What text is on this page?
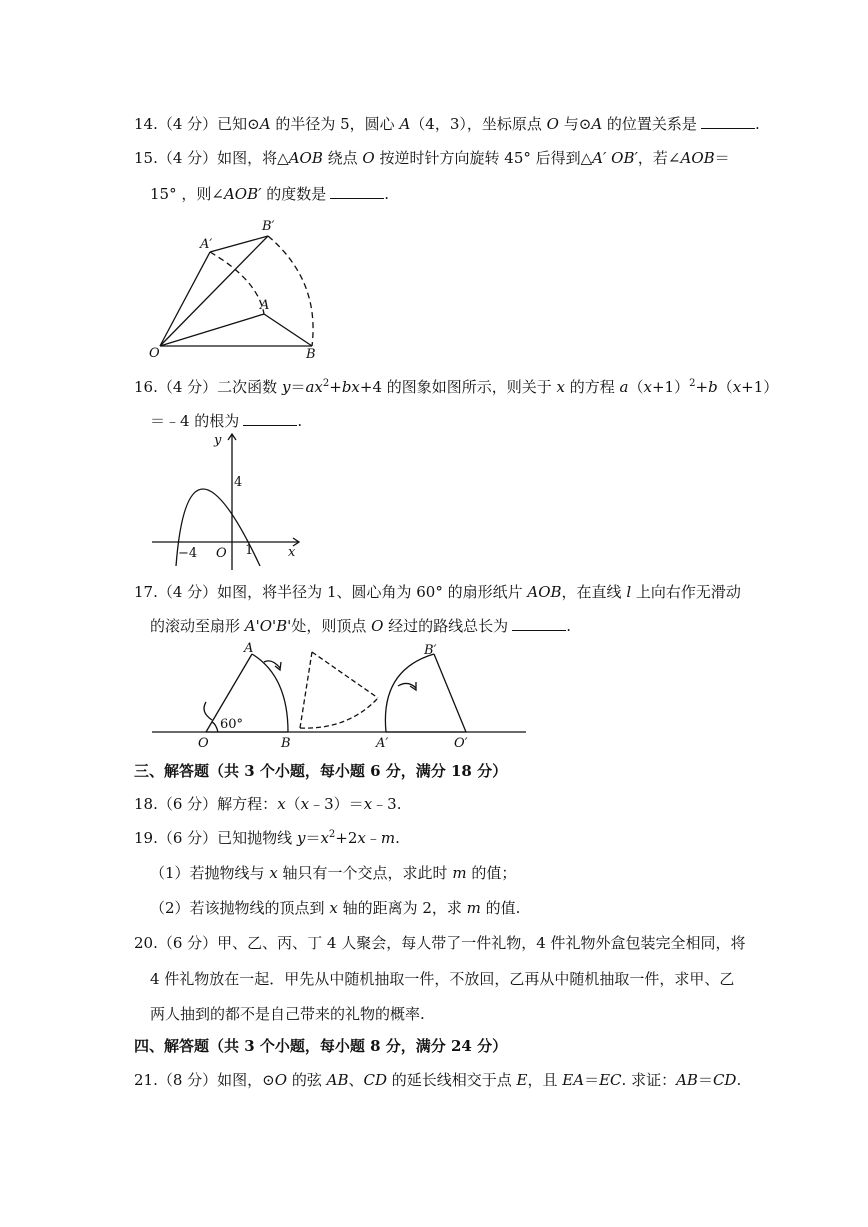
14.（4 分）已知⊙A 的半径为 5，圆心 A（4，3），坐标原点 O 与⊙A 的位置关系是	.
15.（4 分）如图，将△AOB 绕点 O 按逆时针方向旋转 45° 后得到△A′ OB′，若∠AOB＝
15° ，则∠AOB′ 的度数是	.
B′
A′
A
O	B
16.（4 分）二次函数 $y=ax^2+bx+4$ 的图象如图所示，则关于 x 的方程 $a(x+1)^2+b(x+1)$
＝﹣4 的根为	.
y
4
−4 O 1	x
17.（4 分）如图，将半径为 1、圆心角为 60° 的扇形纸片 AOB，在直线 l 上向右作无滑动
的滚动至扇形 A'O'B'处，则顶点 O 经过的路线总长为	.
A
60°
O	B
B′
A′	O′
三、解答题（共 3 个小题，每小题 6 分，满分 18 分）
18.（6 分）解方程：x（x﹣3）＝x﹣3.
19.（6 分）已知抛物线 $y=x^2+2x﹣m$.
（1）若抛物线与 x 轴只有一个交点，求此时 m 的值；
（2）若该抛物线的顶点到 x 轴的距离为 2，求 m 的值.
20.（6 分）甲、乙、丙、丁 4 人聚会，每人带了一件礼物，4 件礼物外盒包装完全相同，将
4 件礼物放在一起．甲先从中随机抽取一件，不放回，乙再从中随机抽取一件，求甲、乙
两人抽到的都不是自己带来的礼物的概率.
四、解答题（共 3 个小题，每小题 8 分，满分 24 分）
21.（8 分）如图，⊙O 的弦 AB、CD 的延长线相交于点 E，且 EA＝EC. 求证：AB＝CD.
